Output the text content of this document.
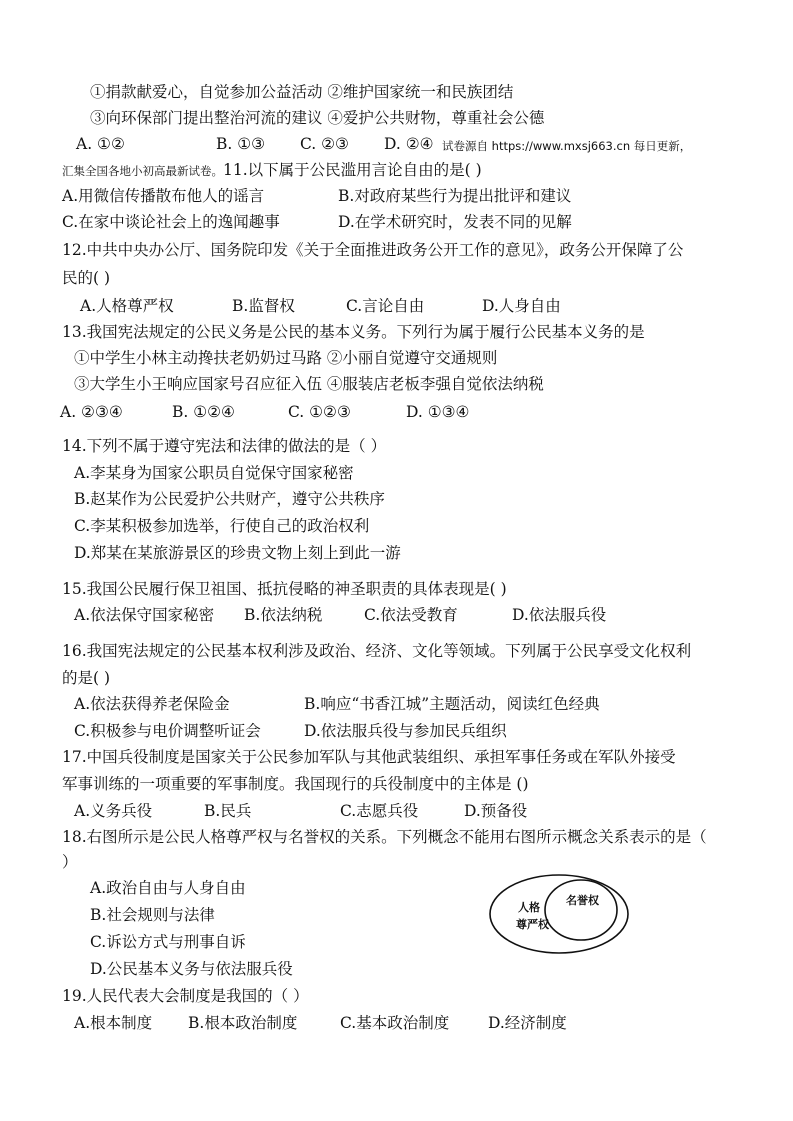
①捐款献爱心，自觉参加公益活动 ②维护国家统一和民族团结
③向环保部门提出整治河流的建议 ④爱护公共财物，尊重社会公德
A. ①②	B. ①③ C. ②③ D. ②④ 试卷源自 https://www.mxsj663.cn 每日更新，
汇集全国各地小初高最新试卷。11.以下属于公民滥用言论自由的是( )
A.用微信传播散布他人的谣言	B.对政府某些行为提出批评和建议
C.在家中谈论社会上的逸闻趣事	D.在学术研究时，发表不同的见解
12.中共中央办公厅、国务院印发《关于全面推进政务公开工作的意见》，政务公开保障了公
民的( )
A.人格尊严权	B.监督权	C.言论自由	D.人身自由
13.我国宪法规定的公民义务是公民的基本义务。下列行为属于履行公民基本义务的是
①中学生小林主动搀扶老奶奶过马路 ②小丽自觉遵守交通规则
③大学生小王响应国家号召应征入伍 ④服装店老板李强自觉依法纳税
A. ②③④	B. ①②④	C. ①②③	D. ①③④
14.下列不属于遵守宪法和法律的做法的是（ ）
A.李某身为国家公职员自觉保守国家秘密
B.赵某作为公民爱护公共财产，遵守公共秩序
C.李某积极参加选举，行使自己的政治权利
D.郑某在某旅游景区的珍贵文物上刻上到此一游
15.我国公民履行保卫祖国、抵抗侵略的神圣职责的具体表现是( )
A.依法保守国家秘密 B.依法纳税	C.依法受教育	D.依法服兵役
16.我国宪法规定的公民基本权利涉及政治、经济、文化等领域。下列属于公民享受文化权利
的是( )
A.依法获得养老保险金	B.响应“书香江城”主题活动，阅读红色经典
C.积极参与电价调整听证会	D.依法服兵役与参加民兵组织
17.中国兵役制度是国家关于公民参加军队与其他武装组织、承担军事任务或在军队外接受
军事训练的一项重要的军事制度。我国现行的兵役制度中的主体是 ()
A.义务兵役	B.民兵	C.志愿兵役	D.预备役
18.右图所示是公民人格尊严权与名誉权的关系。下列概念不能用右图所示概念关系表示的是（
）
A.政治自由与人身自由
B.社会规则与法律
C.诉讼方式与刑事自诉
D.公民基本义务与依法服兵役
人格
尊严权
名誉权
19.人民代表大会制度是我国的（ ）
A.根本制度 B.根本政治制度	C.基本政治制度	D.经济制度
